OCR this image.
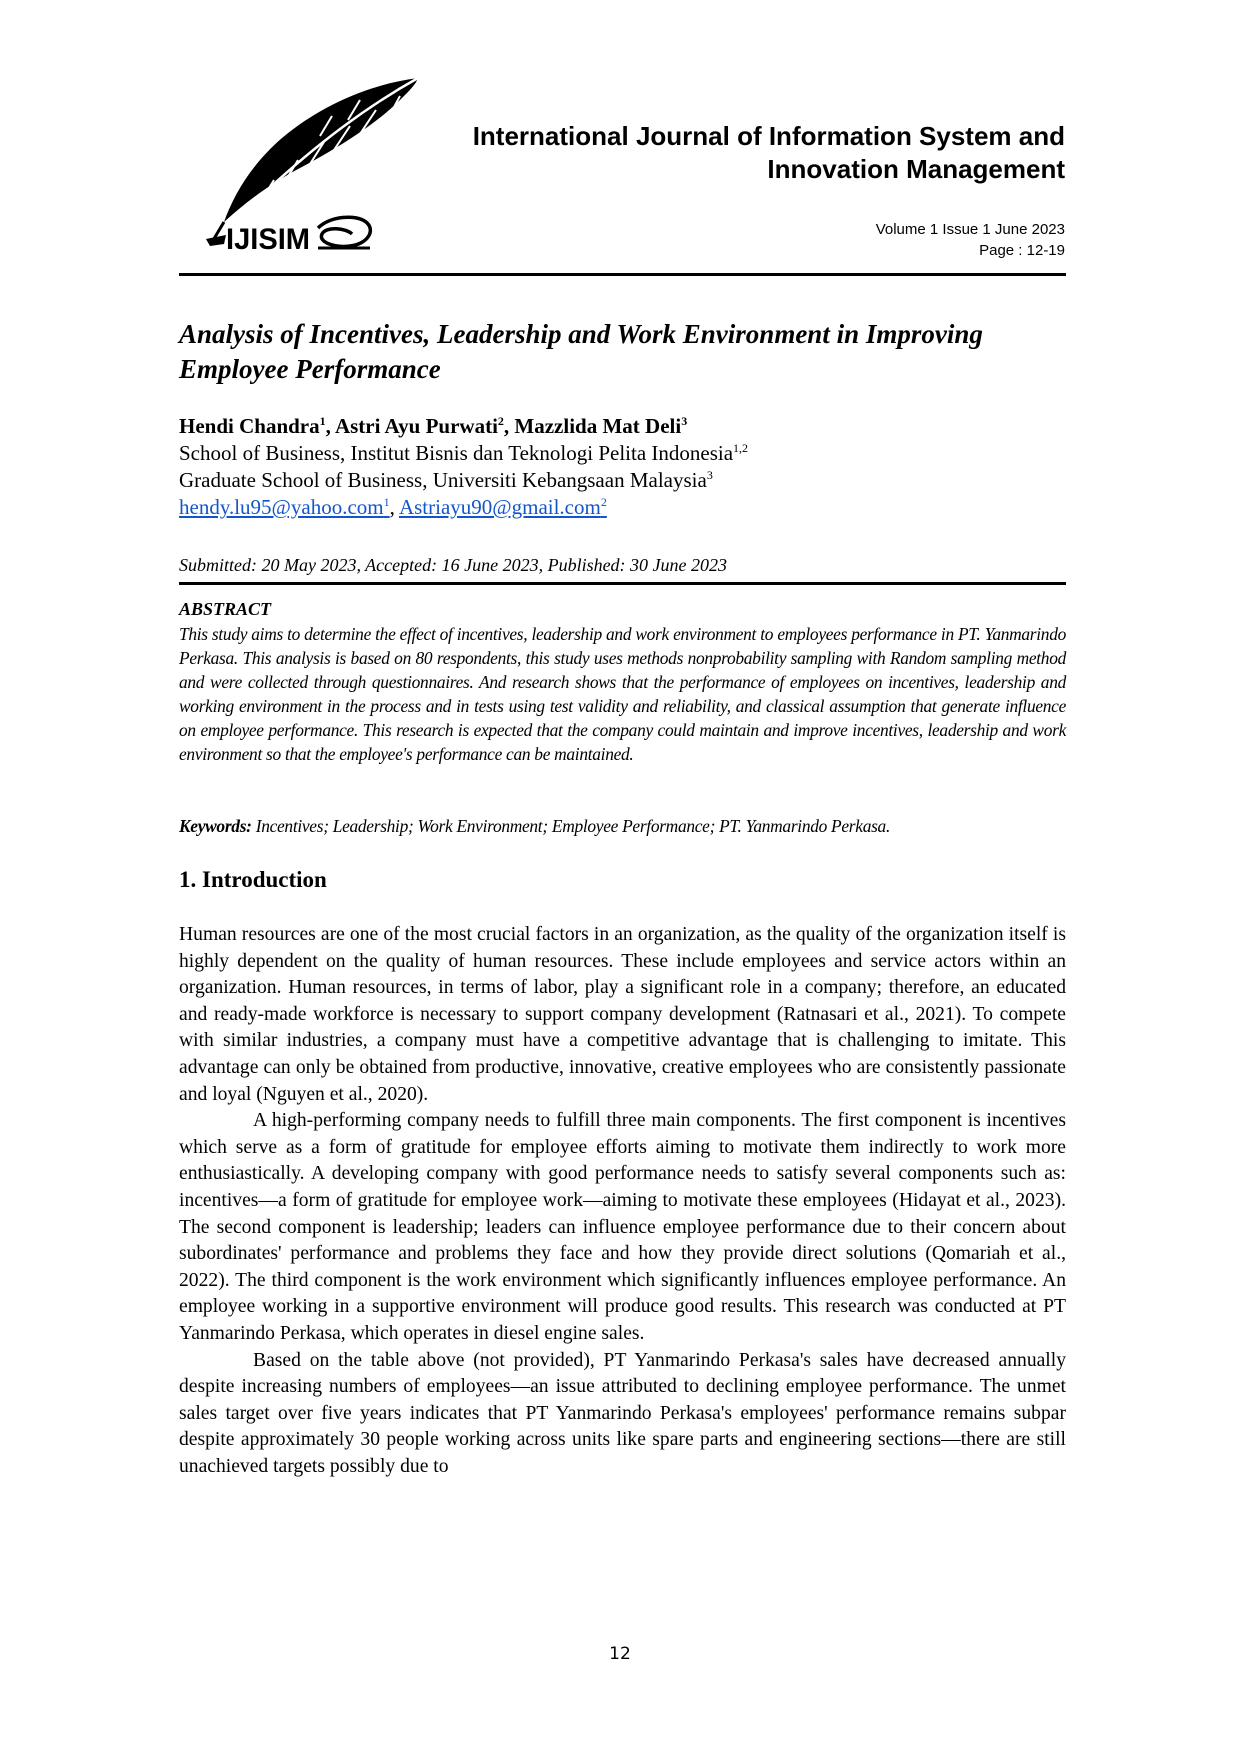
IJISIM
International Journal of Information System and
Innovation Management
Volume 1 Issue 1 June 2023
Page : 12-19
Analysis of Incentives, Leadership and Work Environment in Improving Employee Performance
Hendi Chandra$^1$, Astri Ayu Purwati$^2$, Mazzlida Mat Deli$^3$
School of Business, Institut Bisnis dan Teknologi Pelita Indonesia$^{1,2}$
Graduate School of Business, Universiti Kebangsaan Malaysia$^3$
hendy.lu95@yahoo.com$^1$, Astriayu90@gmail.com$^2$
Submitted: 20 May 2023, Accepted: 16 June 2023, Published: 30 June 2023
ABSTRACT
This study aims to determine the effect of incentives, leadership and work environment to employees performance in PT. Yanmarindo Perkasa. This analysis is based on 80 respondents, this study uses methods nonprobability sampling with Random sampling method and were collected through questionnaires. And research shows that the performance of employees on incentives, leadership and working environment in the process and in tests using test validity and reliability, and classical assumption that generate influence on employee performance. This research is expected that the company could maintain and improve incentives, leadership and work environment so that the employee's performance can be maintained.
Keywords: Incentives; Leadership; Work Environment; Employee Performance; PT. Yanmarindo Perkasa.
1. Introduction

Human resources are one of the most crucial factors in an organization, as the quality of the organization itself is highly dependent on the quality of human resources. These include employees and service actors within an organization. Human resources, in terms of labor, play a significant role in a company; therefore, an educated and ready-made workforce is necessary to support company development (Ratnasari et al., 2021). To compete with similar industries, a company must have a competitive advantage that is challenging to imitate. This advantage can only be obtained from productive, innovative, creative employees who are consistently passionate and loyal (Nguyen et al., 2020).

A high-performing company needs to fulfill three main components. The first component is incentives which serve as a form of gratitude for employee efforts aiming to motivate them indirectly to work more enthusiastically. A developing company with good performance needs to satisfy several components such as: incentives—a form of gratitude for employee work—aiming to motivate these employees (Hidayat et al., 2023). The second component is leadership; leaders can influence employee performance due to their concern about subordinates' performance and problems they face and how they provide direct solutions (Qomariah et al., 2022). The third component is the work environment which significantly influences employee performance. An employee working in a supportive environment will produce good results. This research was conducted at PT Yanmarindo Perkasa, which operates in diesel engine sales.

Based on the table above (not provided), PT Yanmarindo Perkasa's sales have decreased annually despite increasing numbers of employees—an issue attributed to declining employee performance. The unmet sales target over five years indicates that PT Yanmarindo Perkasa's employees' performance remains subpar despite approximately 30 people working across units like spare parts and engineering sections—there are still unachieved targets possibly due to

12
